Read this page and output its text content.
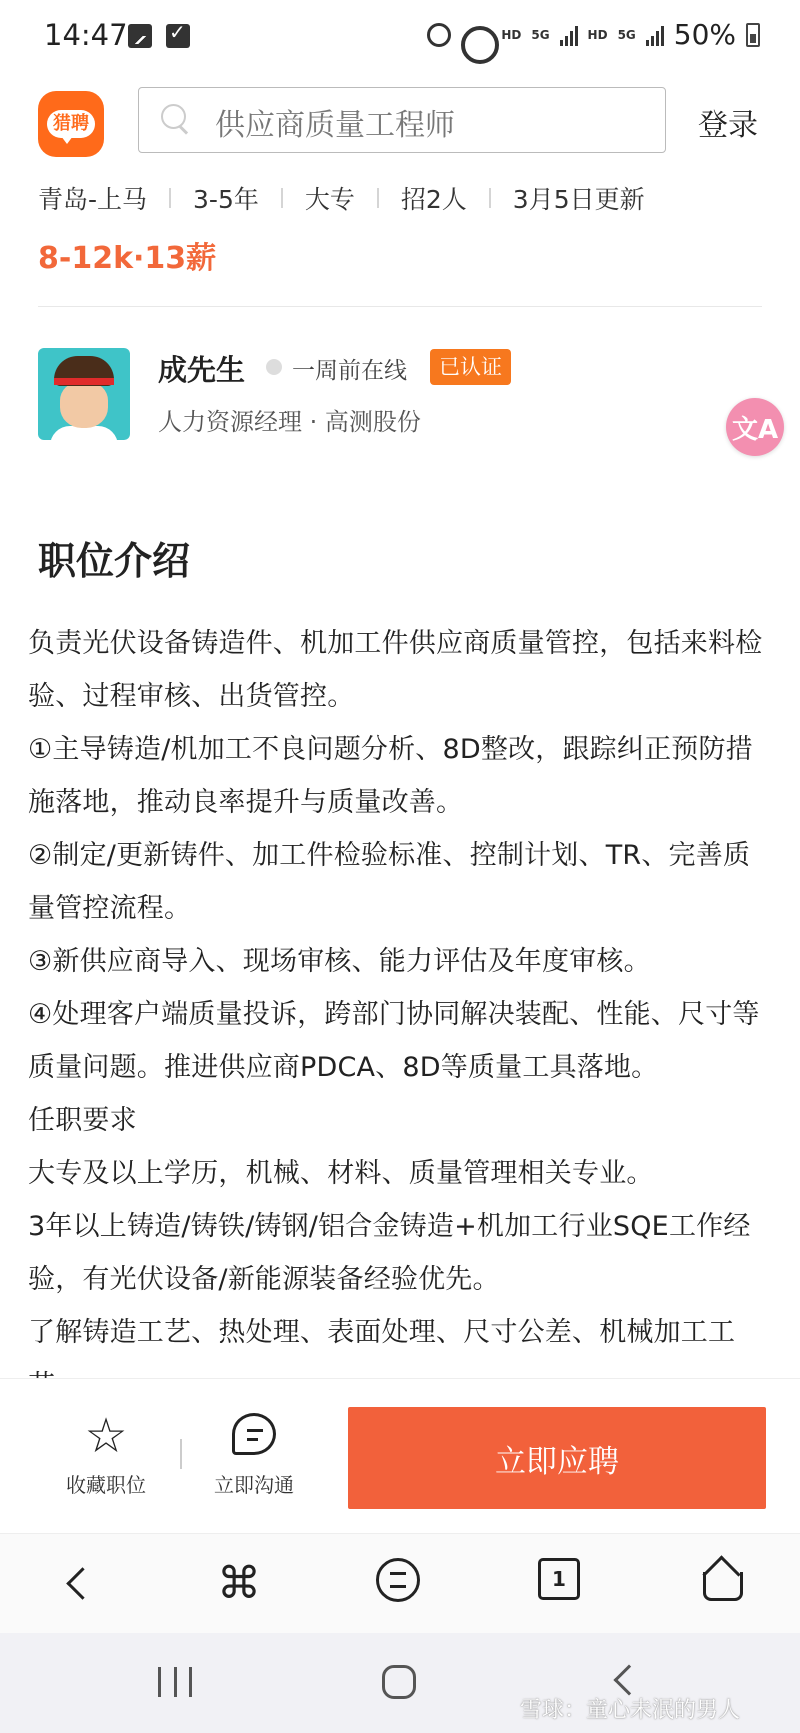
14:47
✓	HD 5G	HD 5G 50%
猎聘	供应商质量工程师	登录
青岛-上马 3-5年 大专 招2人 3月5日更新
8-12k·13薪
成先生 一周前在线	已认证
人力资源经理 · 高测股份	文A
职位介绍

负责光伏设备铸造件、机加工件供应商质量管控，包括来料检验、过程审核、出货管控。

①主导铸造/机加工不良问题分析、8D整改，跟踪纠正预防措施落地，推动良率提升与质量改善。

②制定/更新铸件、加工件检验标准、控制计划、TR、完善质量管控流程。

③新供应商导入、现场审核、能力评估及年度审核。

④处理客户端质量投诉，跨部门协同解决装配、性能、尺寸等质量问题。推进供应商PDCA、8D等质量工具落地。

任职要求

大专及以上学历，机械、材料、质量管理相关专业。

3年以上铸造/铸铁/铸钢/铝合金铸造+机加工行业SQE工作经验，有光伏设备/新能源装备经验优先。

了解铸造工艺、热处理、表面处理、尺寸公差、机械加工工

☆
收藏职位	立即沟通
立即应聘
⌘	1
雪球：童心未泯的男人
